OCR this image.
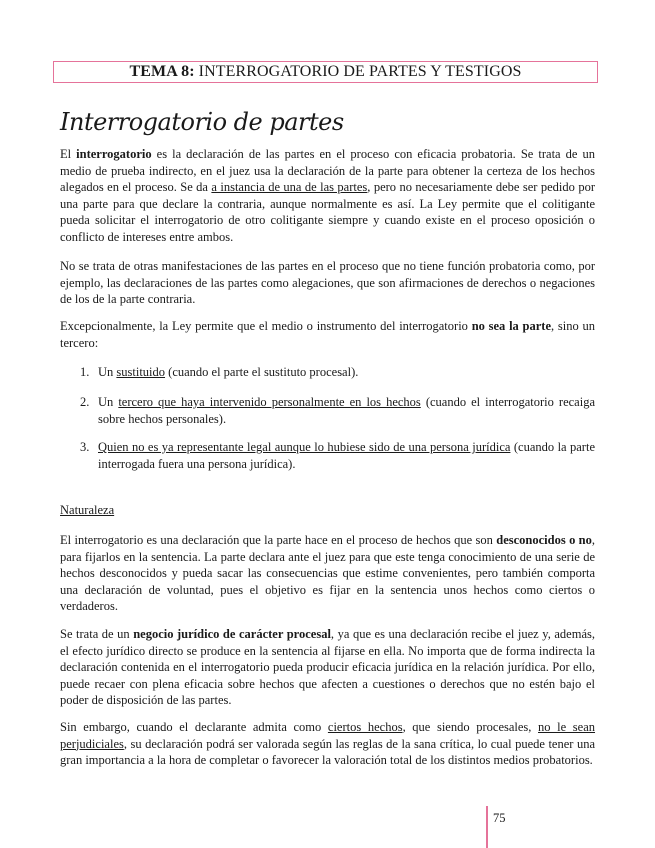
TEMA 8: INTERROGATORIO DE PARTES Y TESTIGOS
Interrogatorio de partes

El interrogatorio es la declaración de las partes en el proceso con eficacia probatoria. Se trata de un medio de prueba indirecto, en el juez usa la declaración de la parte para obtener la certeza de los hechos alegados en el proceso. Se da a instancia de una de las partes, pero no necesariamente debe ser pedido por una parte para que declare la contraria, aunque normalmente es así. La Ley permite que el colitigante pueda solicitar el interrogatorio de otro colitigante siempre y cuando existe en el proceso oposición o conflicto de intereses entre ambos.

No se trata de otras manifestaciones de las partes en el proceso que no tiene función probatoria como, por ejemplo, las declaraciones de las partes como alegaciones, que son afirmaciones de derechos o negaciones de los de la parte contraria.

Excepcionalmente, la Ley permite que el medio o instrumento del interrogatorio no sea la parte, sino un tercero:

1. Un sustituido (cuando el parte el sustituto procesal).
2. Un tercero que haya intervenido personalmente en los hechos (cuando el interrogatorio recaiga sobre hechos personales).
3. Quien no es ya representante legal aunque lo hubiese sido de una persona jurídica (cuando la parte interrogada fuera una persona jurídica).

Naturaleza

El interrogatorio es una declaración que la parte hace en el proceso de hechos que son desconocidos o no, para fijarlos en la sentencia. La parte declara ante el juez para que este tenga conocimiento de una serie de hechos desconocidos y pueda sacar las consecuencias que estime convenientes, pero también comporta una declaración de voluntad, pues el objetivo es fijar en la sentencia unos hechos como ciertos o verdaderos.

Se trata de un negocio jurídico de carácter procesal, ya que es una declaración recibe el juez y, además, el efecto jurídico directo se produce en la sentencia al fijarse en ella. No importa que de forma indirecta la declaración contenida en el interrogatorio pueda producir eficacia jurídica en la relación jurídica. Por ello, puede recaer con plena eficacia sobre hechos que afecten a cuestiones o derechos que no estén bajo el poder de disposición de las partes.

Sin embargo, cuando el declarante admita como ciertos hechos, que siendo procesales, no le sean perjudiciales, su declaración podrá ser valorada según las reglas de la sana crítica, lo cual puede tener una gran importancia a la hora de completar o favorecer la valoración total de los distintos medios probatorios.

75
